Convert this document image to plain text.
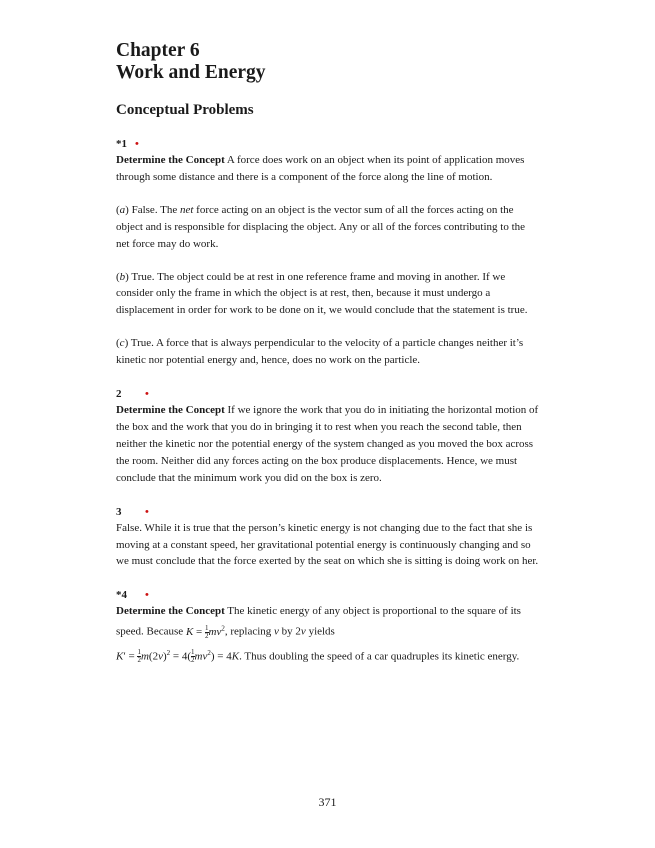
Chapter 6
Work and Energy
Conceptual Problems
*1 •

Determine the Concept A force does work on an object when its point of application moves through some distance and there is a component of the force along the line of motion.

(a) False. The net force acting on an object is the vector sum of all the forces acting on the object and is responsible for displacing the object. Any or all of the forces contributing to the net force may do work.

(b) True. The object could be at rest in one reference frame and moving in another. If we consider only the frame in which the object is at rest, then, because it must undergo a displacement in order for work to be done on it, we would conclude that the statement is true.

(c) True. A force that is always perpendicular to the velocity of a particle changes neither it’s kinetic nor potential energy and, hence, does no work on the particle.

2 •

Determine the Concept If we ignore the work that you do in initiating the horizontal motion of the box and the work that you do in bringing it to rest when you reach the second table, then neither the kinetic nor the potential energy of the system changed as you moved the box across the room. Neither did any forces acting on the box produce displacements. Hence, we must conclude that the minimum work you did on the box is zero.

3 •

False. While it is true that the person’s kinetic energy is not changing due to the fact that she is moving at a constant speed, her gravitational potential energy is continuously changing and so we must conclude that the force exerted by the seat on which she is sitting is doing work on her.

*4 •

Determine the Concept The kinetic energy of any object is proportional to the square of its speed. Because $K = \frac{1}{2} mv^2$, replacing v by 2v yields

$K' = \frac{1}{2} m(2v)^2 = 4( \frac{1}{2} mv^2) = 4K$. Thus doubling the speed of a car quadruples its kinetic energy.
371
